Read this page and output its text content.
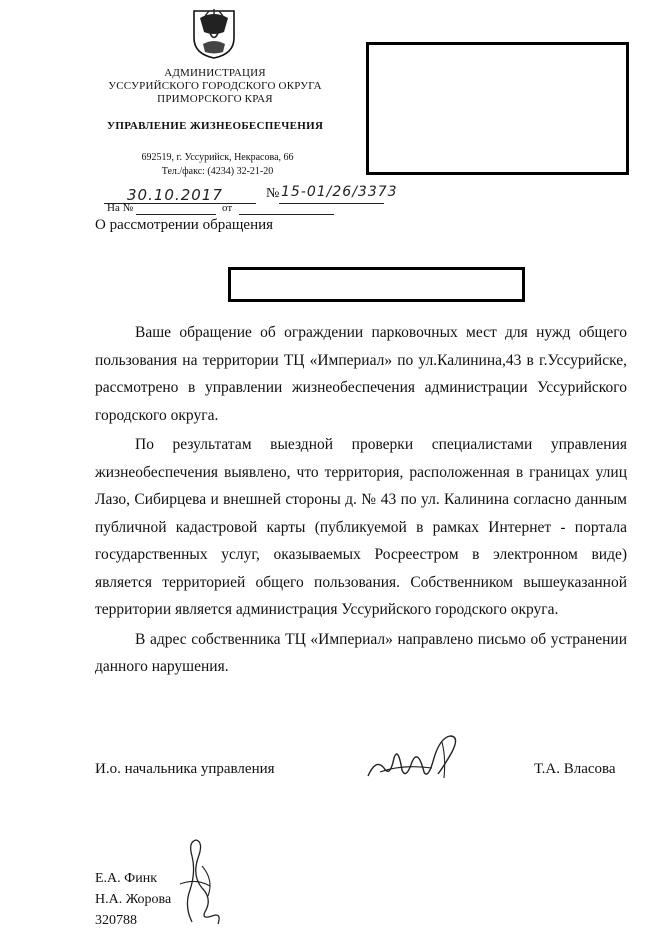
АДМИНИСТРАЦИЯ
УССУРИЙСКОГО ГОРОДСКОГО ОКРУГА
ПРИМОРСКОГО КРАЯ
УПРАВЛЕНИЕ ЖИЗНЕОБЕСПЕЧЕНИЯ
692519, г. Уссурийск, Некрасова, 66
Тел./факс: (4234) 32-21-20
30.10.2017	№ 15-01/26/3373
На №	от
О рассмотрении обращения

Ваше обращение об ограждении парковочных мест для нужд общего пользования на территории ТЦ «Империал» по ул.Калинина,43 в г.Уссурийске, рассмотрено в управлении жизнеобеспечения администрации Уссурийского городского округа.

По результатам выездной проверки специалистами управления жизнеобеспечения выявлено, что территория, расположенная в границах улиц Лазо, Сибирцева и внешней стороны д. № 43 по ул. Калинина согласно данным публичной кадастровой карты (публикуемой в рамках Интернет - портала государственных услуг, оказываемых Росреестром в электронном виде) является территорией общего пользования. Собственником вышеуказанной территории является администрация Уссурийского городского округа.

В адрес собственника ТЦ «Империал» направлено письмо об устранении данного нарушения.

И.о. начальника управления	Т.А. Власова
Е.А. Финк
Н.А. Жорова
320788
